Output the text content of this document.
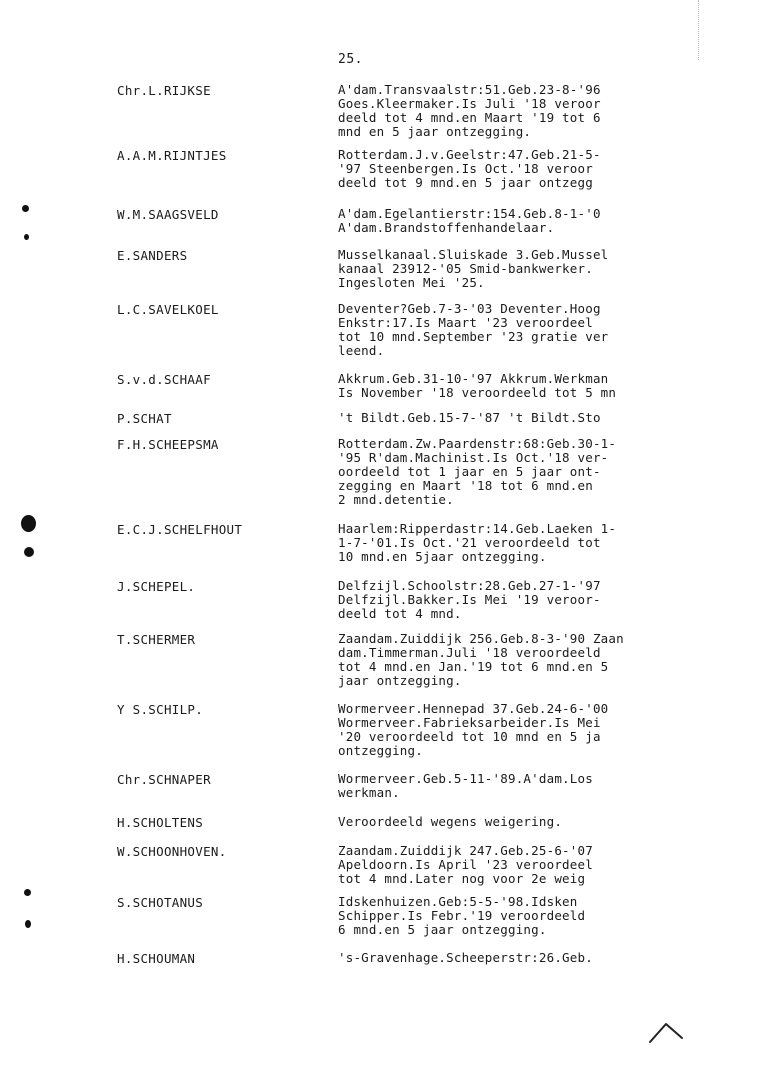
25.
Chr.L.RIJKSE	A'dam.Transvaalstr:51.Geb.23-8-'96
Goes.Kleermaker.Is Juli '18 veroor
deeld tot 4 mnd.en Maart '19 tot 6
mnd en 5 jaar ontzegging.
A.A.M.RIJNTJES	Rotterdam.J.v.Geelstr:47.Geb.21-5-
'97 Steenbergen.Is Oct.'18 veroor
deeld tot 9 mnd.en 5 jaar ontzegg
W.M.SAAGSVELD	A'dam.Egelantierstr:154.Geb.8-1-'0
A'dam.Brandstoffenhandelaar.
E.SANDERS	Musselkanaal.Sluiskade 3.Geb.Mussel
kanaal 23912-'05 Smid-bankwerker.
Ingesloten Mei '25.
L.C.SAVELKOEL	Deventer?Geb.7-3-'03 Deventer.Hoog
Enkstr:17.Is Maart '23 veroordeel
tot 10 mnd.September '23 gratie ver
leend.
S.v.d.SCHAAF	Akkrum.Geb.31-10-'97 Akkrum.Werkman
Is November '18 veroordeeld tot 5 mn
P.SCHAT	't Bildt.Geb.15-7-'87 't Bildt.Sto
F.H.SCHEEPSMA	Rotterdam.Zw.Paardenstr:68:Geb.30-1-
'95 R'dam.Machinist.Is Oct.'18 ver-
oordeeld tot 1 jaar en 5 jaar ont-
zegging en Maart '18 tot 6 mnd.en
2 mnd.detentie.
E.C.J.SCHELFHOUT	Haarlem:Ripperdastr:14.Geb.Laeken 1-
1-7-'01.Is Oct.'21 veroordeeld tot
10 mnd.en 5jaar ontzegging.
J.SCHEPEL.	Delfzijl.Schoolstr:28.Geb.27-1-'97
Delfzijl.Bakker.Is Mei '19 veroor-
deeld tot 4 mnd.
T.SCHERMER	Zaandam.Zuiddijk 256.Geb.8-3-'90 Zaan
dam.Timmerman.Juli '18 veroordeeld
tot 4 mnd.en Jan.'19 tot 6 mnd.en 5
jaar ontzegging.
Y S.SCHILP.	Wormerveer.Hennepad 37.Geb.24-6-'00
Wormerveer.Fabrieksarbeider.Is Mei
'20 veroordeeld tot 10 mnd en 5 ja
ontzegging.
Chr.SCHNAPER	Wormerveer.Geb.5-11-'89.A'dam.Los
werkman.
H.SCHOLTENS	Veroordeeld wegens weigering.
W.SCHOONHOVEN.	Zaandam.Zuiddijk 247.Geb.25-6-'07
Apeldoorn.Is April '23 veroordeel
tot 4 mnd.Later nog voor 2e weig
S.SCHOTANUS	Idskenhuizen.Geb:5-5-'98.Idsken
Schipper.Is Febr.'19 veroordeeld
6 mnd.en 5 jaar ontzegging.
H.SCHOUMAN	's-Gravenhage.Scheeperstr:26.Geb.
